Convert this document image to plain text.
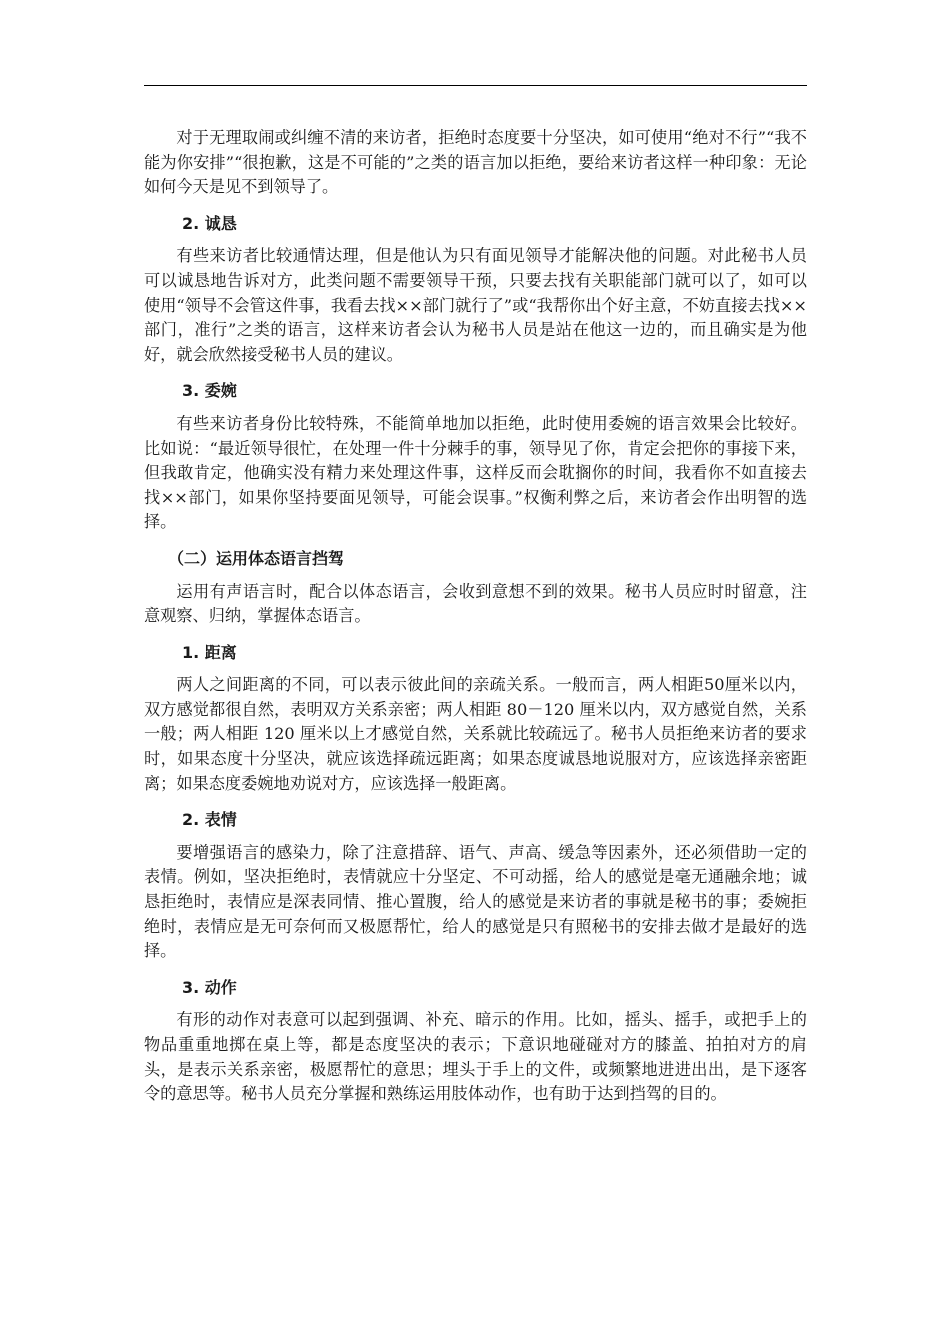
对于无理取闹或纠缠不清的来访者，拒绝时态度要十分坚决，如可使用“绝对不行”“我不能为你安排”“很抱歉，这是不可能的”之类的语言加以拒绝，要给来访者这样一种印象：无论如何今天是见不到领导了。

2. 诚恳

有些来访者比较通情达理，但是他认为只有面见领导才能解决他的问题。对此秘书人员可以诚恳地告诉对方，此类问题不需要领导干预，只要去找有关职能部门就可以了，如可以使用“领导不会管这件事，我看去找××部门就行了”或“我帮你出个好主意，不妨直接去找××部门，准行”之类的语言，这样来访者会认为秘书人员是站在他这一边的，而且确实是为他好，就会欣然接受秘书人员的建议。

3. 委婉

有些来访者身份比较特殊，不能简单地加以拒绝，此时使用委婉的语言效果会比较好。比如说：“最近领导很忙，在处理一件十分棘手的事，领导见了你，肯定会把你的事接下来，但我敢肯定，他确实没有精力来处理这件事，这样反而会耽搁你的时间，我看你不如直接去找××部门，如果你坚持要面见领导，可能会误事。”权衡利弊之后，来访者会作出明智的选择。

（二）运用体态语言挡驾

运用有声语言时，配合以体态语言，会收到意想不到的效果。秘书人员应时时留意，注意观察、归纳，掌握体态语言。

1. 距离

两人之间距离的不同，可以表示彼此间的亲疏关系。一般而言，两人相距50厘米以内，双方感觉都很自然，表明双方关系亲密；两人相距 80－120 厘米以内，双方感觉自然，关系一般；两人相距 120 厘米以上才感觉自然，关系就比较疏远了。秘书人员拒绝来访者的要求时，如果态度十分坚决，就应该选择疏远距离；如果态度诚恳地说服对方，应该选择亲密距离；如果态度委婉地劝说对方，应该选择一般距离。

2. 表情

要增强语言的感染力，除了注意措辞、语气、声高、缓急等因素外，还必须借助一定的表情。例如，坚决拒绝时，表情就应十分坚定、不可动摇，给人的感觉是毫无通融余地；诚恳拒绝时，表情应是深表同情、推心置腹，给人的感觉是来访者的事就是秘书的事；委婉拒绝时，表情应是无可奈何而又极愿帮忙，给人的感觉是只有照秘书的安排去做才是最好的选择。

3. 动作

有形的动作对表意可以起到强调、补充、暗示的作用。比如，摇头、摇手，或把手上的物品重重地掷在桌上等，都是态度坚决的表示；下意识地碰碰对方的膝盖、拍拍对方的肩头，是表示关系亲密，极愿帮忙的意思；埋头于手上的文件，或频繁地进进出出，是下逐客令的意思等。秘书人员充分掌握和熟练运用肢体动作，也有助于达到挡驾的目的。
